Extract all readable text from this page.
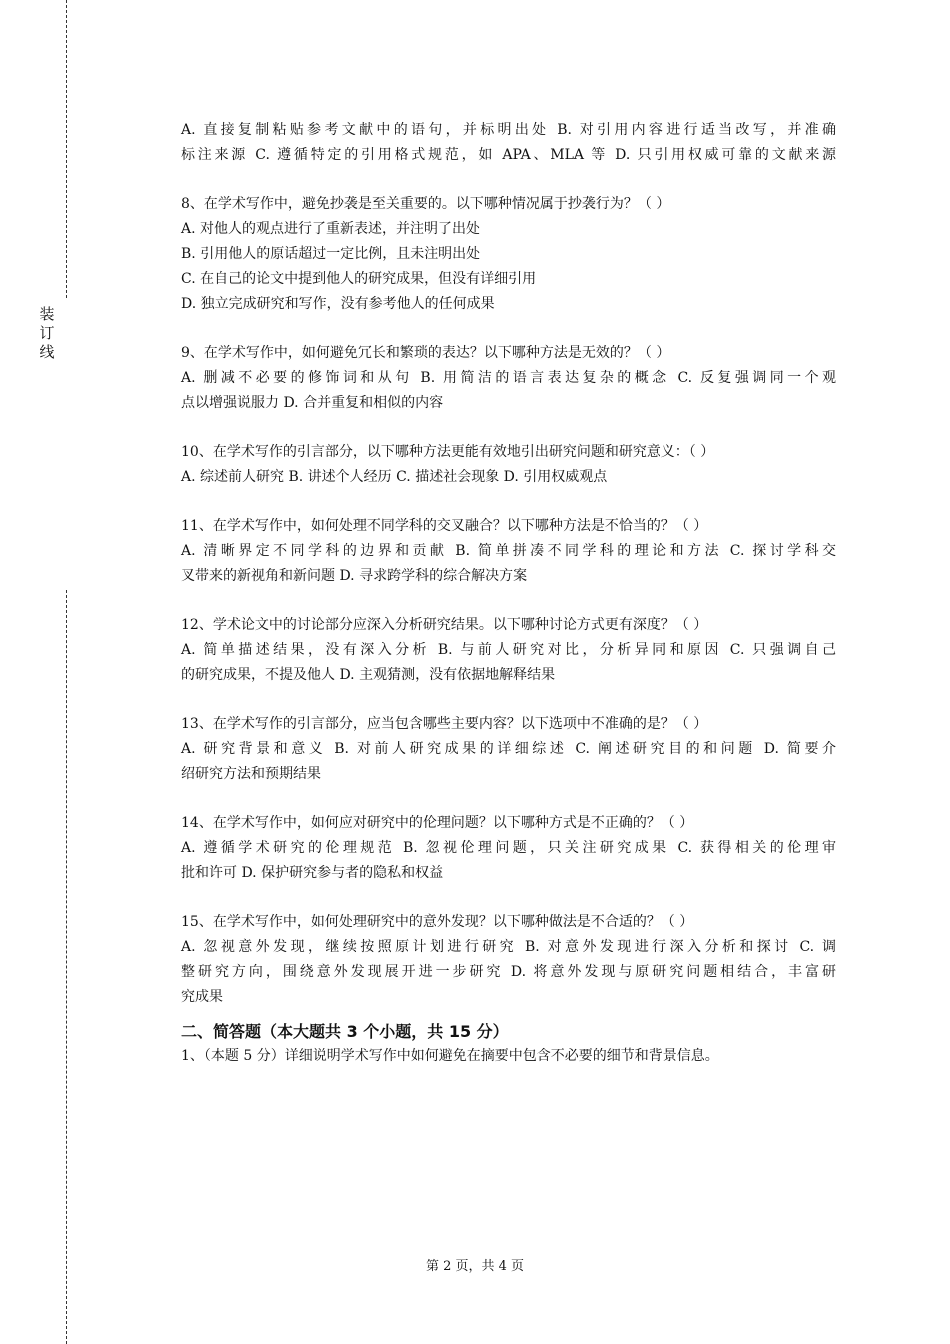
装
订
线
A. 直接复制粘贴参考文献中的语句，并标明出处 B. 对引用内容进行适当改写，并准确
标注来源 C. 遵循特定的引用格式规范，如 APA、MLA 等 D. 只引用权威可靠的文献来源
8、在学术写作中，避免抄袭是至关重要的。以下哪种情况属于抄袭行为？（ ）
A. 对他人的观点进行了重新表述，并注明了出处
B. 引用他人的原话超过一定比例，且未注明出处
C. 在自己的论文中提到他人的研究成果，但没有详细引用
D. 独立完成研究和写作，没有参考他人的任何成果
9、在学术写作中，如何避免冗长和繁琐的表达？以下哪种方法是无效的？（ ）
A. 删减不必要的修饰词和从句 B. 用简洁的语言表达复杂的概念 C. 反复强调同一个观
点以增强说服力 D. 合并重复和相似的内容
10、在学术写作的引言部分，以下哪种方法更能有效地引出研究问题和研究意义：（ ）
A. 综述前人研究 B. 讲述个人经历 C. 描述社会现象 D. 引用权威观点
11、在学术写作中，如何处理不同学科的交叉融合？以下哪种方法是不恰当的？（ ）
A. 清晰界定不同学科的边界和贡献 B. 简单拼凑不同学科的理论和方法 C. 探讨学科交
叉带来的新视角和新问题 D. 寻求跨学科的综合解决方案
12、学术论文中的讨论部分应深入分析研究结果。以下哪种讨论方式更有深度？（ ）
A. 简单描述结果，没有深入分析 B. 与前人研究对比，分析异同和原因 C. 只强调自己
的研究成果，不提及他人 D. 主观猜测，没有依据地解释结果
13、在学术写作的引言部分，应当包含哪些主要内容？以下选项中不准确的是？（ ）
A. 研究背景和意义 B. 对前人研究成果的详细综述 C. 阐述研究目的和问题 D. 简要介
绍研究方法和预期结果
14、在学术写作中，如何应对研究中的伦理问题？以下哪种方式是不正确的？（ ）
A. 遵循学术研究的伦理规范 B. 忽视伦理问题，只关注研究成果 C. 获得相关的伦理审
批和许可 D. 保护研究参与者的隐私和权益
15、在学术写作中，如何处理研究中的意外发现？以下哪种做法是不合适的？（ ）
A. 忽视意外发现，继续按照原计划进行研究 B. 对意外发现进行深入分析和探讨 C. 调
整研究方向，围绕意外发现展开进一步研究 D. 将意外发现与原研究问题相结合，丰富研
究成果
二、简答题（本大题共 3 个小题，共 15 分）
1、（本题 5 分）详细说明学术写作中如何避免在摘要中包含不必要的细节和背景信息。
第 2 页，共 4 页
